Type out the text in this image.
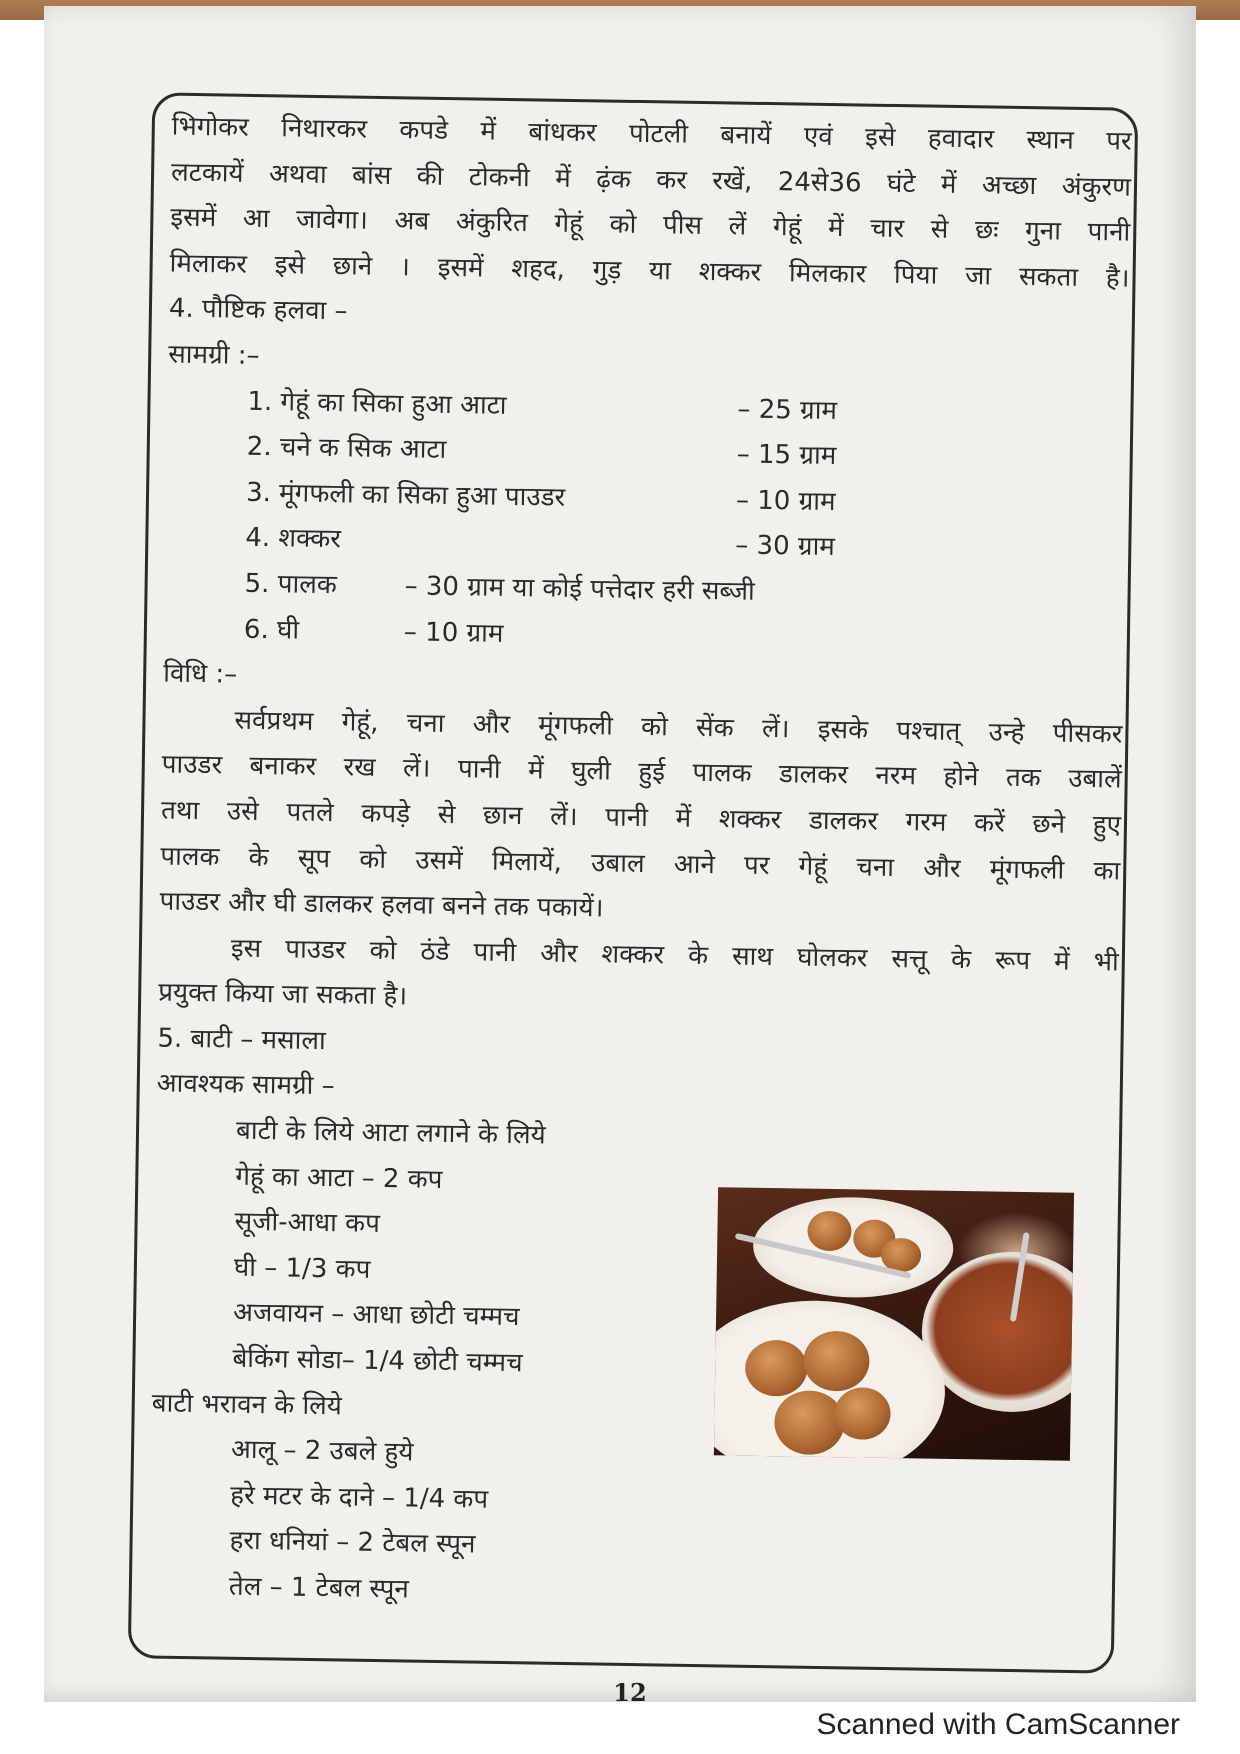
भिगोकर निथारकर कपडे में बांधकर पोटली बनायें एवं इसे हवादार स्थान पर

लटकायें अथवा बांस की टोकनी में ढ़ंक कर रखें, 24से36 घंटे में अच्छा अंकुरण

इसमें आ जावेगा। अब अंकुरित गेहूं को पीस लें गेहूं में चार से छः गुना पानी

मिलाकर इसे छाने । इसमें शहद, गुड़ या शक्कर मिलकार पिया जा सकता है।

4. पौष्टिक हलवा –

सामग्री :–

1. गेहूं का सिका हुआ आटा	– 25 ग्राम
2. चने क सिक आटा	– 15 ग्राम
3. मूंगफली का सिका हुआ पाउडर	– 10 ग्राम
4. शक्कर	– 30 ग्राम
5. पालक	– 30 ग्राम या कोई पत्तेदार हरी सब्जी
6. घी	– 10 ग्राम

विधि :–

सर्वप्रथम गेहूं, चना और मूंगफली को सेंक लें। इसके पश्चात् उन्हे पीसकर

पाउडर बनाकर रख लें। पानी में घुली हुई पालक डालकर नरम होने तक उबालें

तथा उसे पतले कपड़े से छान लें। पानी में शक्कर डालकर गरम करें छने हुए

पालक के सूप को उसमें मिलायें, उबाल आने पर गेहूं चना और मूंगफली का

पाउडर और घी डालकर हलवा बनने तक पकायें।

इस पाउडर को ठंडे पानी और शक्कर के साथ घोलकर सत्तू के रूप में भी

प्रयुक्त किया जा सकता है।

5. बाटी – मसाला

आवश्यक सामग्री –

बाटी के लिये आटा लगाने के लिये

गेहूं का आटा – 2 कप

सूजी-आधा कप

घी – 1/3 कप

अजवायन – आधा छोटी चम्मच

बेकिंग सोडा– 1/4 छोटी चम्मच

बाटी भरावन के लिये

आलू – 2 उबले हुये

हरे मटर के दाने – 1/4 कप

हरा धनियां – 2 टेबल स्पून

तेल – 1 टेबल स्पून

12
Scanned with CamScanner
